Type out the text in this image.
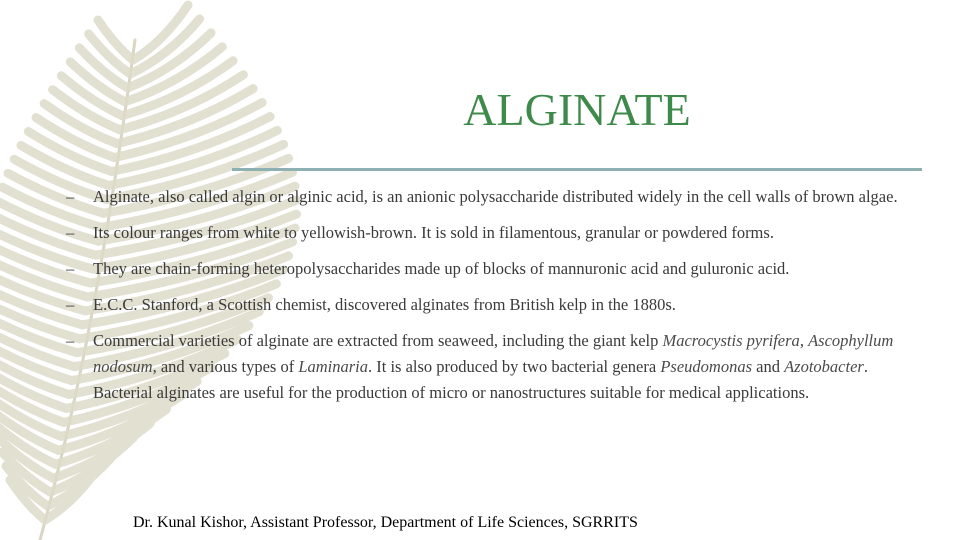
ALGINATE
– Alginate, also called algin or alginic acid, is an anionic polysaccharide distributed widely in the cell walls of brown algae.
– Its colour ranges from white to yellowish-brown. It is sold in filamentous, granular or powdered forms.
– They are chain-forming heteropolysaccharides made up of blocks of mannuronic acid and guluronic acid.
– E.C.C. Stanford, a Scottish chemist, discovered alginates from British kelp in the 1880s.
– Commercial varieties of alginate are extracted from seaweed, including the giant kelp Macrocystis pyrifera, Ascophyllum nodosum, and various types of Laminaria. It is also produced by two bacterial genera Pseudomonas and Azotobacter. Bacterial alginates are useful for the production of micro or nanostructures suitable for medical applications.
Dr. Kunal Kishor, Assistant Professor, Department of Life Sciences, SGRRITS
